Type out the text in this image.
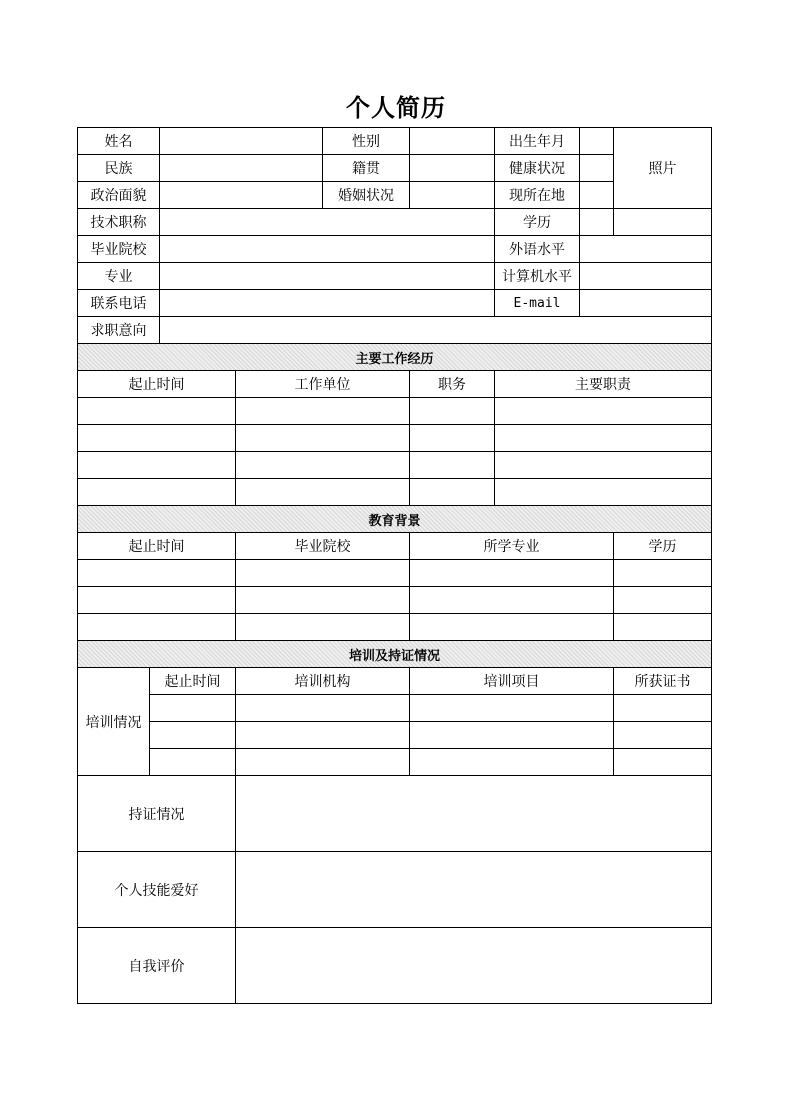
个人简历
姓名				性别		出生年月		照片
民族				籍贯		健康状况		
政治面貌				婚姻状况		现所在地		
技术职称						学历		
毕业院校						外语水平		
专业						计算机水平		
联系电话						E-mail		
求职意向								
主要工作经历								
起止时间			工作单位		职务	主要职责		

教育背景								
起止时间			毕业院校		所学专业			学历

培训及持证情况								
培训情况	起止时间		培训机构		培训项目			所获证书

持证情况								
个人技能爱好								
自我评价								
